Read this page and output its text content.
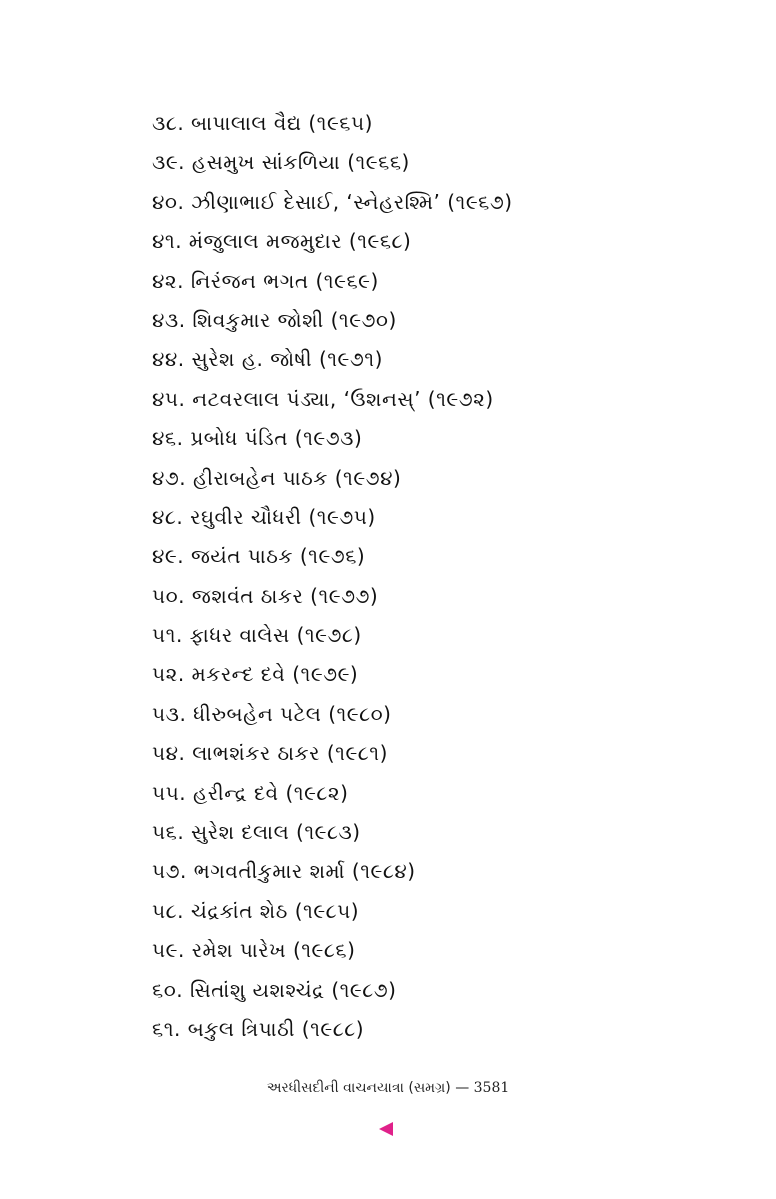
૩૮. બાપાલાલ વૈદ્ય (૧૯૬૫)
૩૯. હસમુખ સાંકળિયા (૧૯૬૬)
૪૦. ઝીણાભાઈ દેસાઈ, ‘સ્નેહરશ્મિ’ (૧૯૬૭)
૪૧. મંજુલાલ મજમુદાર (૧૯૬૮)
૪૨. નિરંજન ભગત (૧૯૬૯)
૪૩. શિવકુમાર જોશી (૧૯૭૦)
૪૪. સુરેશ હ. જોષી (૧૯૭૧)
૪૫. નટવરલાલ પંડ્યા, ‘ઉશનસ્’ (૧૯૭૨)
૪૬. પ્રબોધ પંડિત (૧૯૭૩)
૪૭. હીરાબહેન પાઠક (૧૯૭૪)
૪૮. રઘુવીર ચૌધરી (૧૯૭૫)
૪૯. જયંત પાઠક (૧૯૭૬)
૫૦. જશવંત ઠાકર (૧૯૭૭)
૫૧. ફાધર વાલેસ (૧૯૭૮)
૫૨. મકરન્દ દવે (૧૯૭૯)
૫૩. ધીરુબહેન પટેલ (૧૯૮૦)
૫૪. લાભશંકર ઠાકર (૧૯૮૧)
૫૫. હરીન્દ્ર દવે (૧૯૮૨)
૫૬. સુરેશ દલાલ (૧૯૮૩)
૫૭. ભગવતીકુમાર શર્મા (૧૯૮૪)
૫૮. ચંદ્રકાંત શેઠ (૧૯૮૫)
૫૯. રમેશ પારેખ (૧૯૮૬)
૬૦. સિતાંશુ યશશ્ચંદ્ર (૧૯૮૭)
૬૧. બકુલ ત્રિપાઠી (૧૯૮૮)
અરધીસદીની વાચનયાત્રા (સમગ્ર) — 3581
